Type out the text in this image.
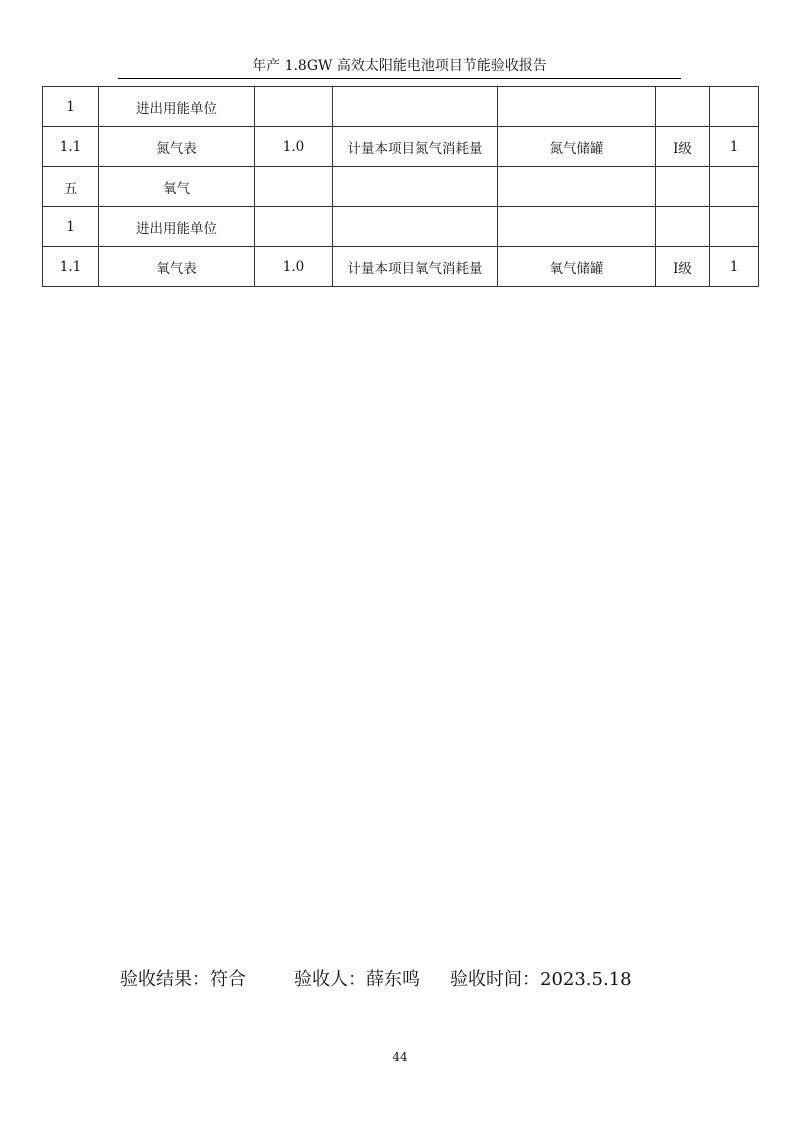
年产 1.8GW 高效太阳能电池项目节能验收报告
1	进出用能单位					
1.1	氮气表	1.0	计量本项目氮气消耗量	氮气储罐	Ⅰ级	1
五	氧气					
1	进出用能单位					
1.1	氧气表	1.0	计量本项目氧气消耗量	氧气储罐	Ⅰ级	1
验收结果：符合	验收人：薛东鸣 验收时间：2023.5.18
44
